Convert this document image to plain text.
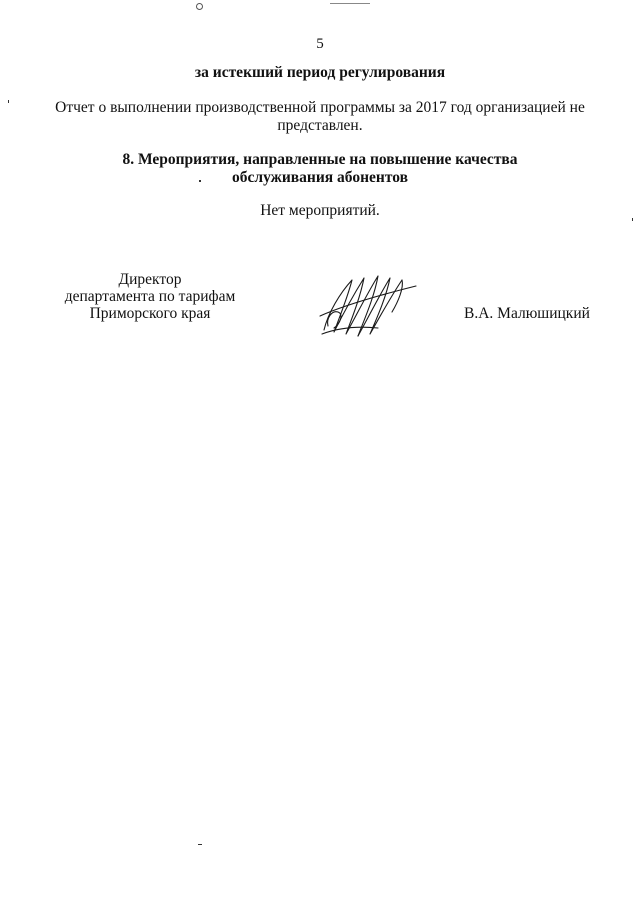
5
за истекший период регулирования
Отчет о выполнении производственной программы за 2017 год организацией не
представлен.
8. Мероприятия, направленные на повышение качества
обслуживания абонентов
Нет мероприятий.
Директор
департамента по тарифам
Приморского края	В.А. Малюшицкий
